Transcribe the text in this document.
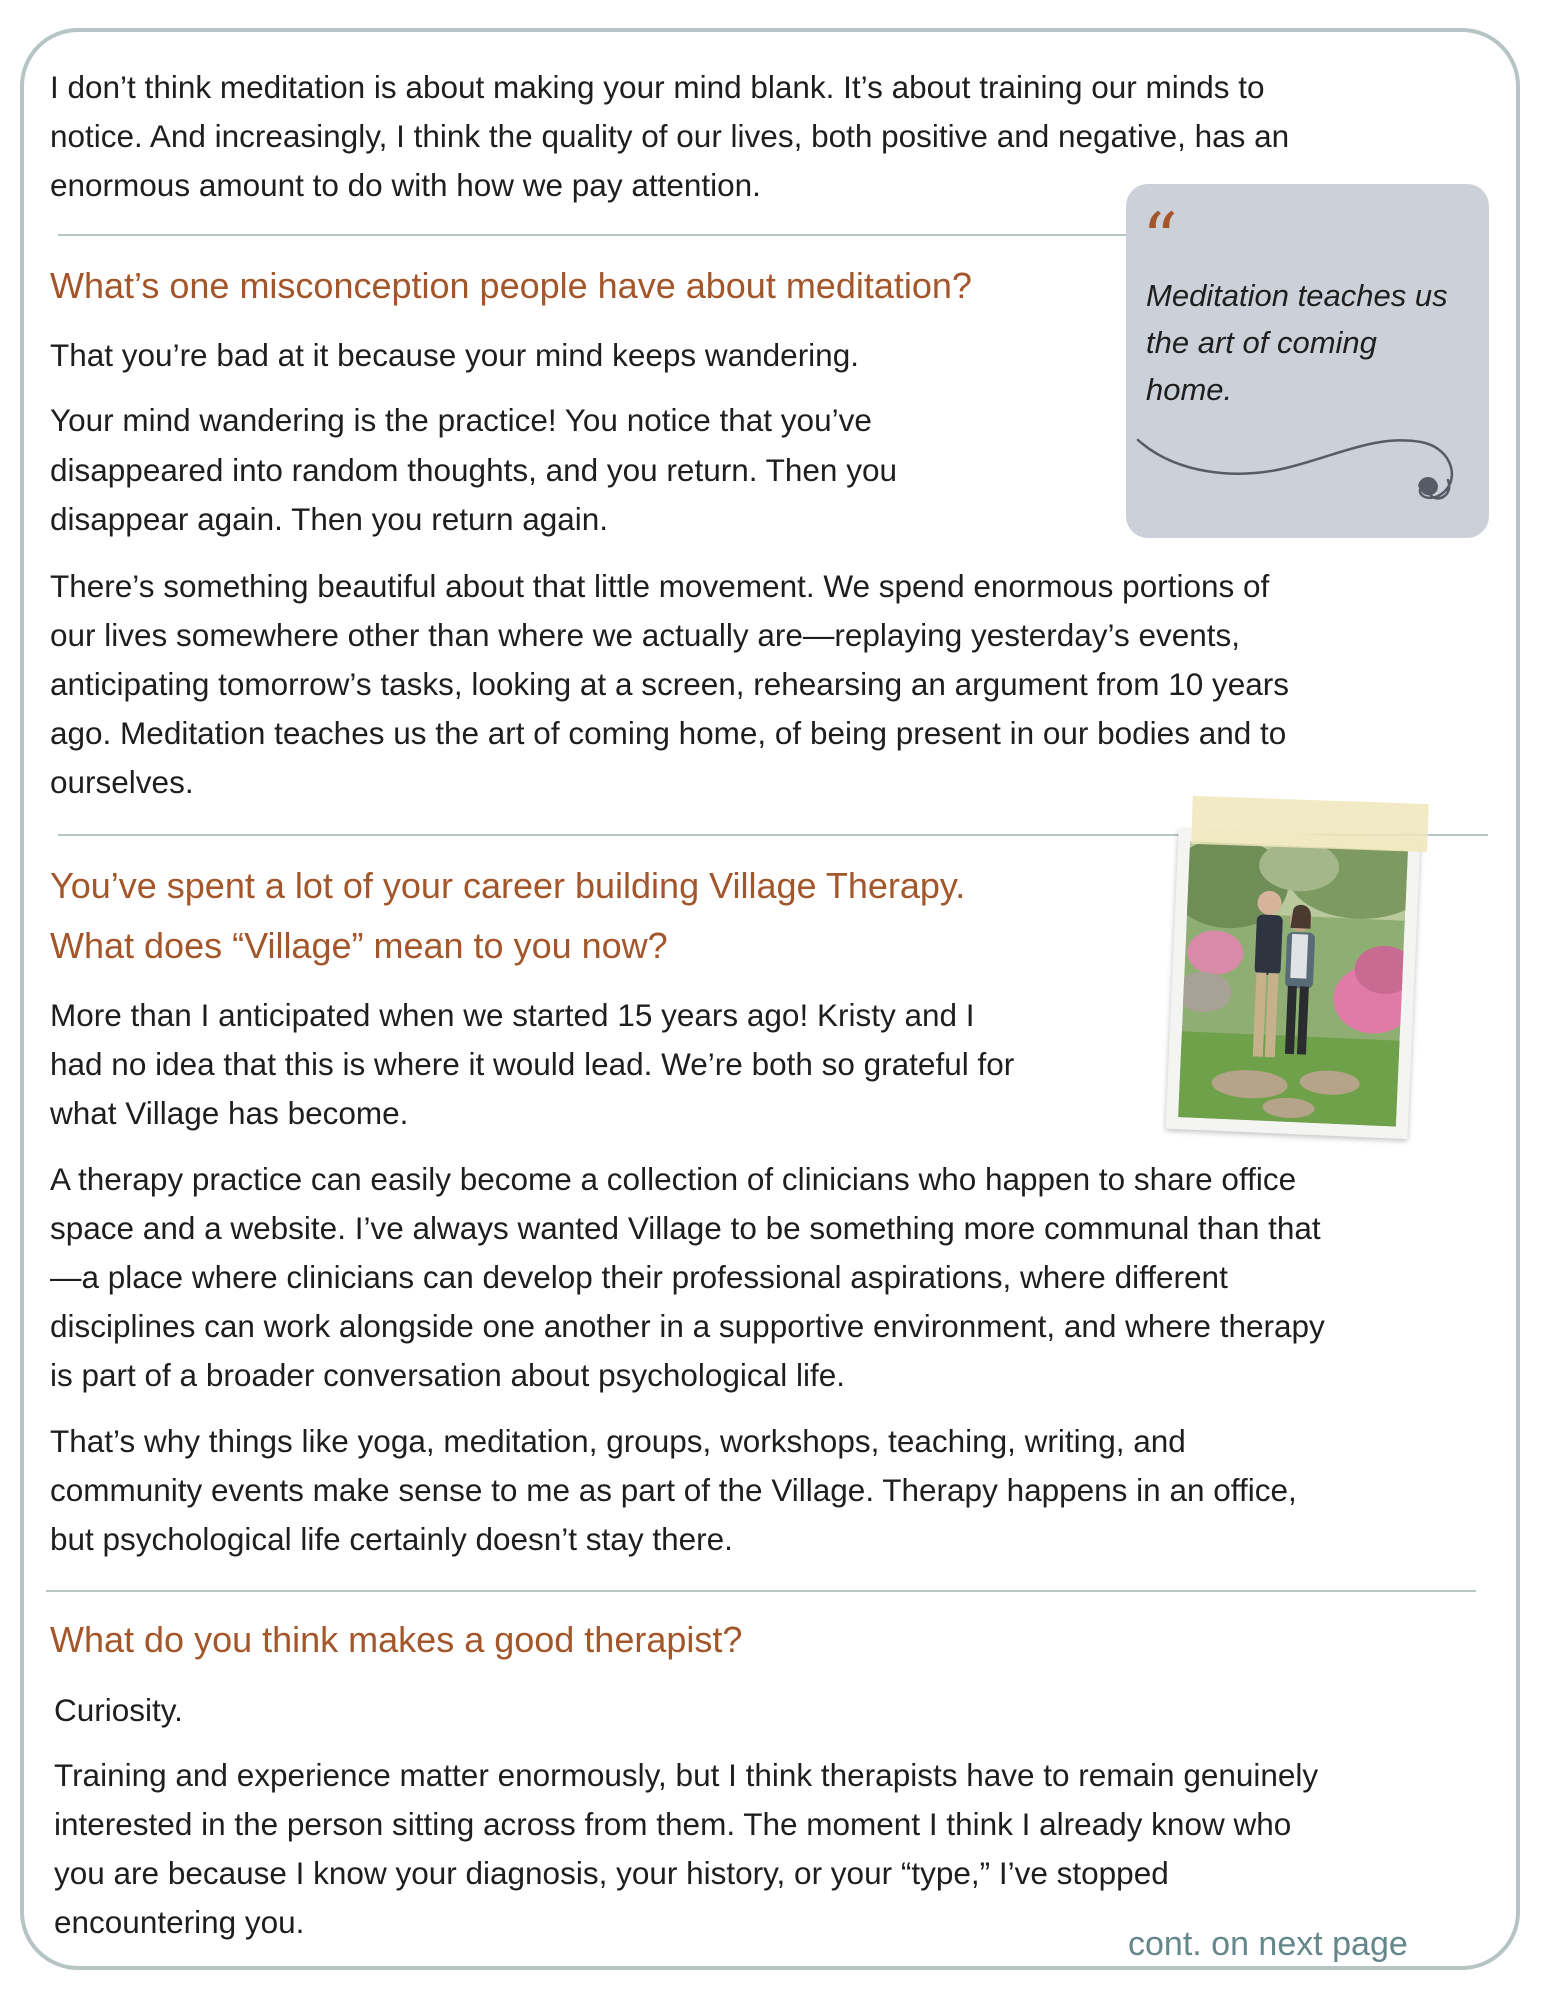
I don’t think meditation is about making your mind blank. It’s about training our minds to

notice. And increasingly, I think the quality of our lives, both positive and negative, has an

enormous amount to do with how we pay attention.

“

Meditation teaches us
the art of coming
home.

What’s one misconception people have about meditation?

That you’re bad at it because your mind keeps wandering.

Your mind wandering is the practice! You notice that you’ve

disappeared into random thoughts, and you return. Then you

disappear again. Then you return again.

There’s something beautiful about that little movement. We spend enormous portions of

our lives somewhere other than where we actually are—replaying yesterday’s events,

anticipating tomorrow’s tasks, looking at a screen, rehearsing an argument from 10 years

ago. Meditation teaches us the art of coming home, of being present in our bodies and to

ourselves.

You’ve spent a lot of your career building Village Therapy.
What does “Village” mean to you now?

More than I anticipated when we started 15 years ago! Kristy and I

had no idea that this is where it would lead. We’re both so grateful for

what Village has become.

A therapy practice can easily become a collection of clinicians who happen to share office

space and a website. I’ve always wanted Village to be something more communal than that

—a place where clinicians can develop their professional aspirations, where different

disciplines can work alongside one another in a supportive environment, and where therapy

is part of a broader conversation about psychological life.

That’s why things like yoga, meditation, groups, workshops, teaching, writing, and

community events make sense to me as part of the Village. Therapy happens in an office,

but psychological life certainly doesn’t stay there.

What do you think makes a good therapist?

Curiosity.

Training and experience matter enormously, but I think therapists have to remain genuinely

interested in the person sitting across from them. The moment I think I already know who

you are because I know your diagnosis, your history, or your “type,” I’ve stopped

encountering you.

cont. on next page
